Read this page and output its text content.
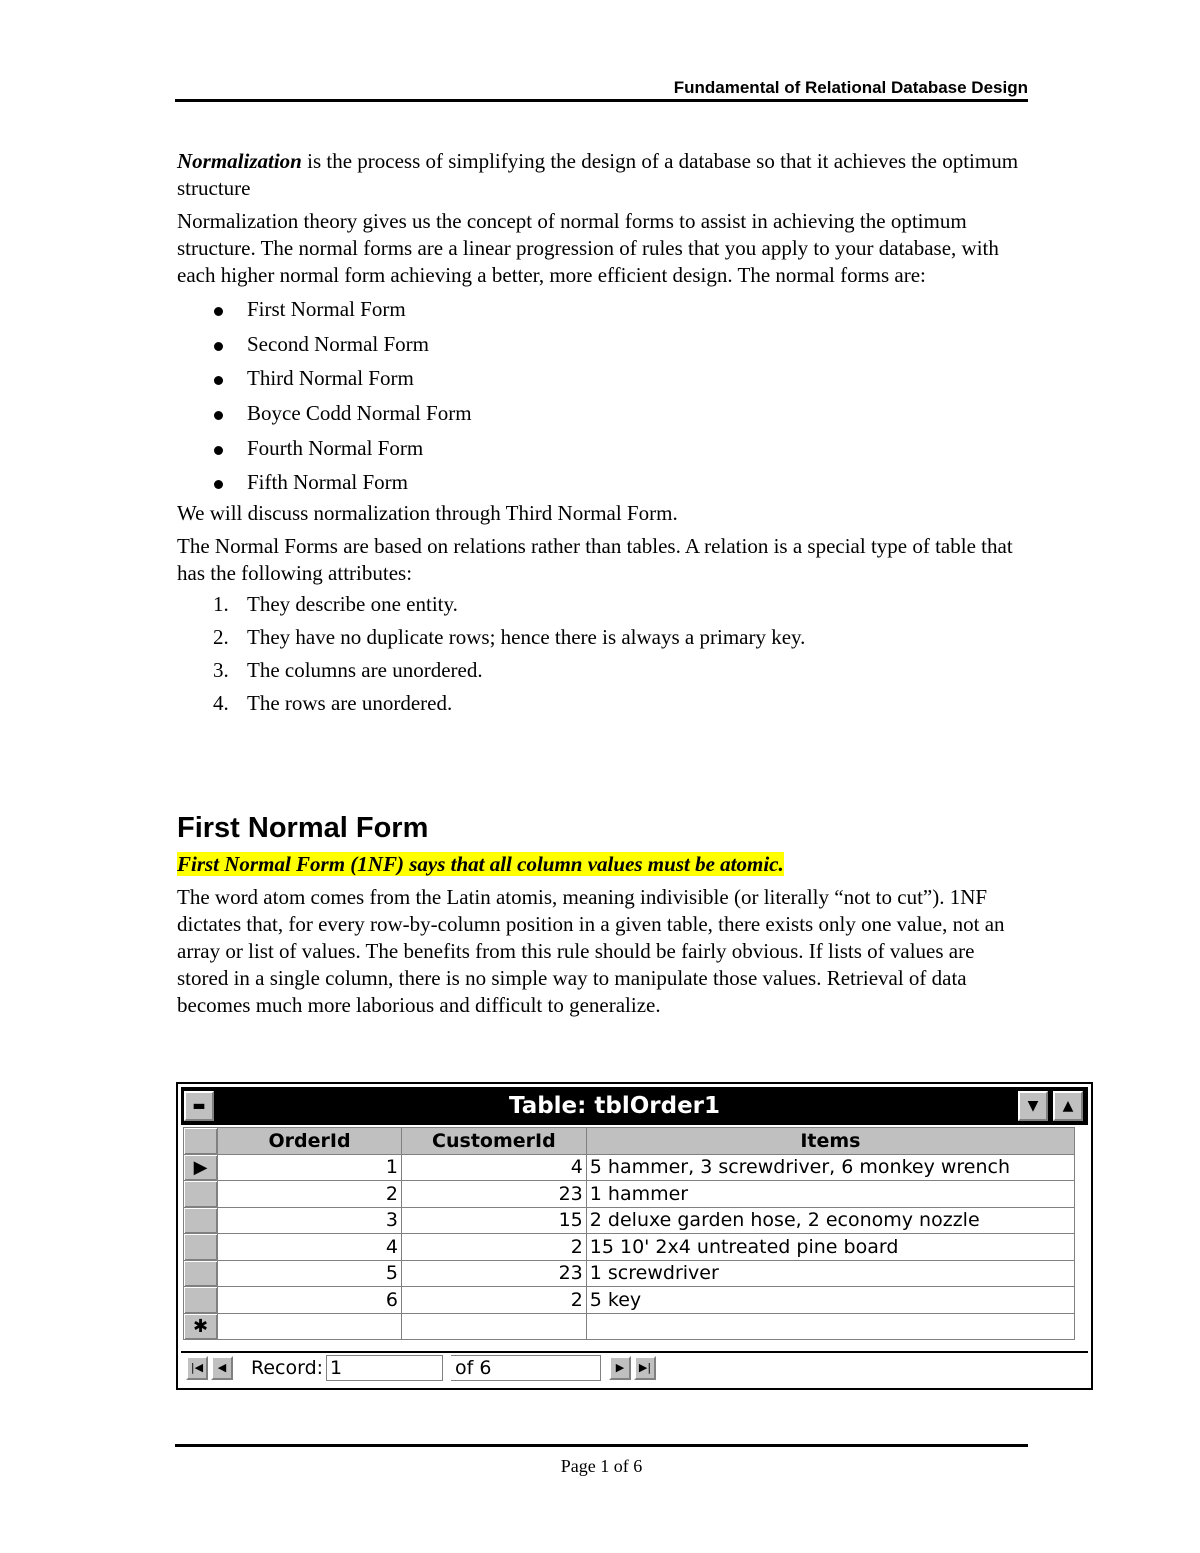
Fundamental of Relational Database Design

Normalization is the process of simplifying the design of a database so that it achieves the optimum structure

Normalization theory gives us the concept of normal forms to assist in achieving the optimum structure. The normal forms are a linear progression of rules that you apply to your database, with each higher normal form achieving a better, more efficient design. The normal forms are:

First Normal Form
Second Normal Form
Third Normal Form
Boyce Codd Normal Form
Fourth Normal Form
Fifth Normal Form

We will discuss normalization through Third Normal Form.

The Normal Forms are based on relations rather than tables. A relation is a special type of table that has the following attributes:

1. They describe one entity.
2. They have no duplicate rows; hence there is always a primary key.
3. The columns are unordered.
4. The rows are unordered.
First Normal Form

First Normal Form (1NF) says that all column values must be atomic.

The word atom comes from the Latin atomis, meaning indivisible (or literally “not to cut”). 1NF dictates that, for every row-by-column position in a given table, there exists only one value, not an array or list of values. The benefits from this rule should be fairly obvious. If lists of values are stored in a single column, there is no simple way to manipulate those values. Retrieval of data becomes much more laborious and difficult to generalize.

▬	Table: tblOrder1	▼	▲
	OrderId	CustomerId	Items
▶	1	4	5 hammer, 3 screwdriver, 6 monkey wrench
	2	23	1 hammer
	3	15	2 deluxe garden hose, 2 economy nozzle
	4	2	15 10' 2x4 untreated pine board
	5	23	1 screwdriver
	6	2	5 key
✱			
|◀	◀	Record: 1	of 6	▶	▶|
Page 1 of 6
